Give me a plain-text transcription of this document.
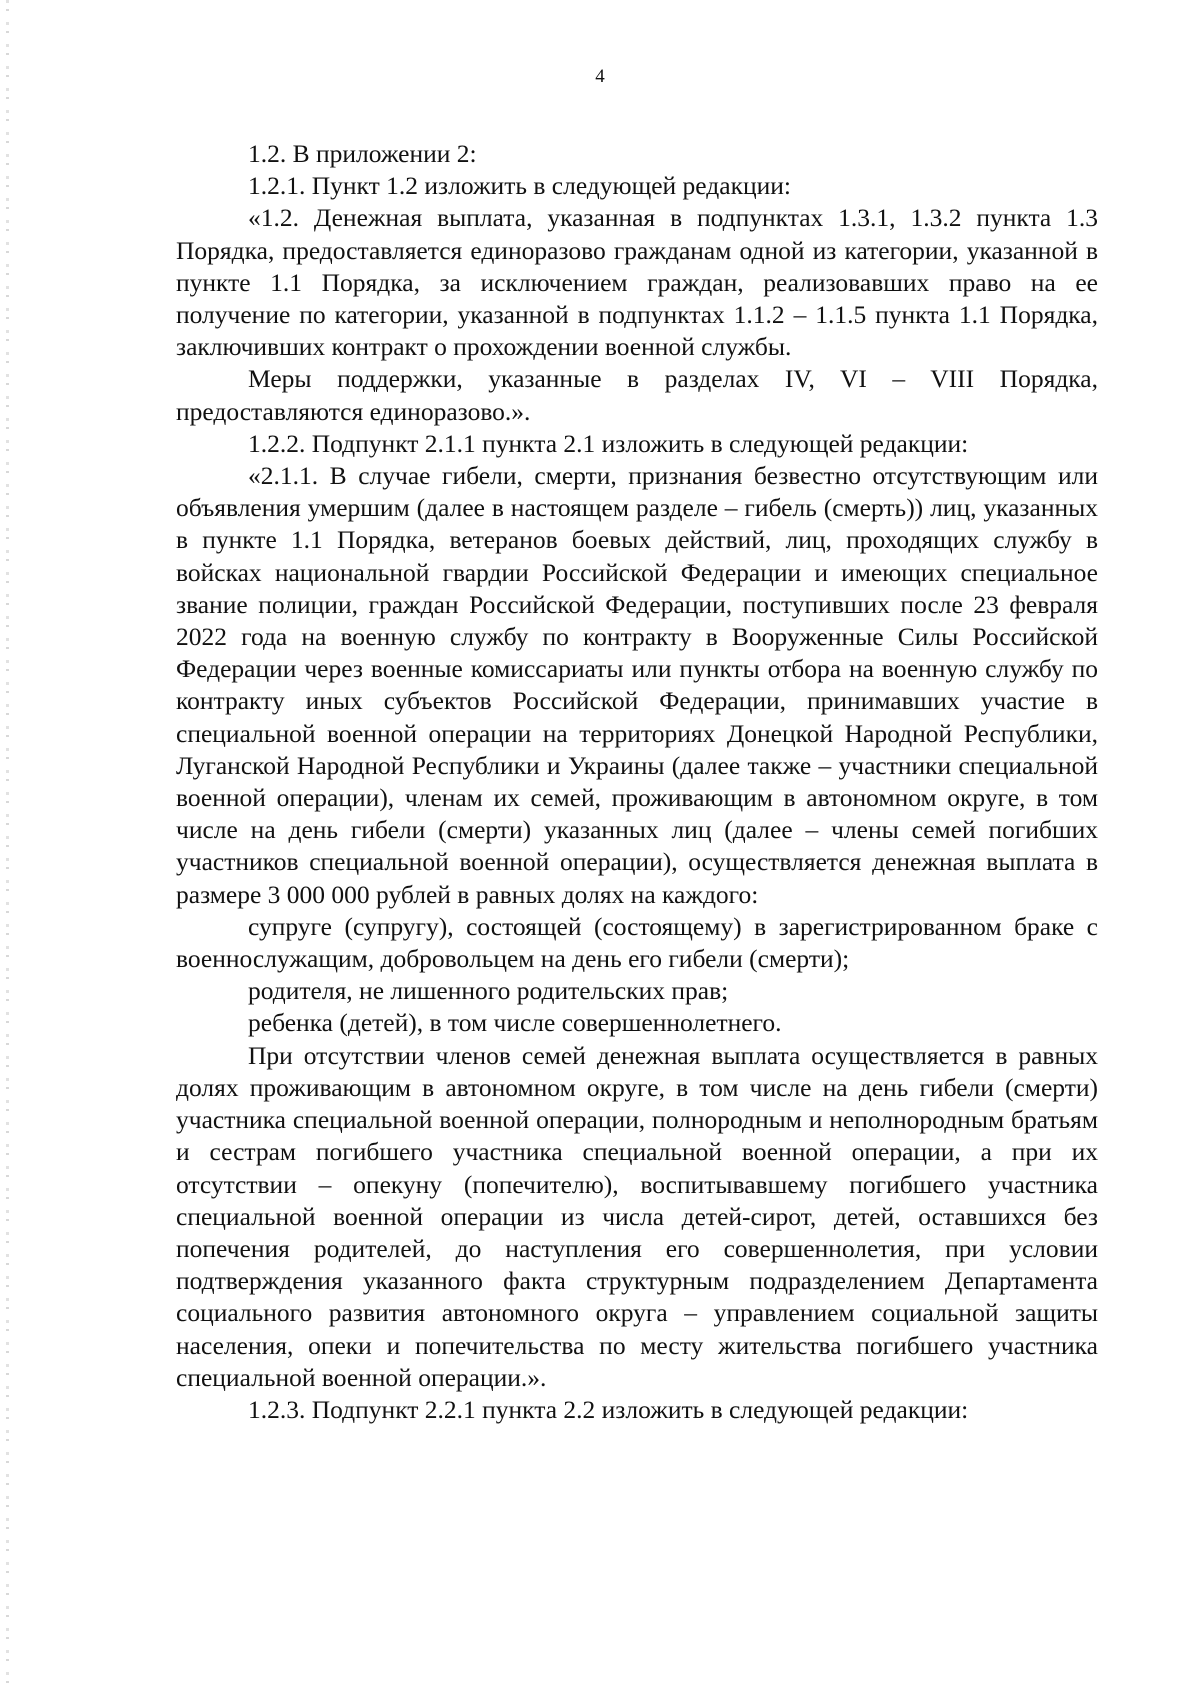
4

1.2. В приложении 2:

1.2.1. Пункт 1.2 изложить в следующей редакции:

«1.2. Денежная выплата, указанная в подпунктах 1.3.1, 1.3.2 пункта 1.3 Порядка, предоставляется единоразово гражданам одной из категории, указанной в пункте 1.1 Порядка, за исключением граждан, реализовавших право на ее получение по категории, указанной в подпунктах 1.1.2 – 1.1.5 пункта 1.1 Порядка, заключивших контракт о прохождении военной службы.

Меры поддержки, указанные в разделах IV, VI – VIII Порядка, предоставляются единоразово.».

1.2.2. Подпункт 2.1.1 пункта 2.1 изложить в следующей редакции:

«2.1.1. В случае гибели, смерти, признания безвестно отсутствующим или объявления умершим (далее в настоящем разделе – гибель (смерть)) лиц, указанных в пункте 1.1 Порядка, ветеранов боевых действий, лиц, проходящих службу в войсках национальной гвардии Российской Федерации и имеющих специальное звание полиции, граждан Российской Федерации, поступивших после 23 февраля 2022 года на военную службу по контракту в Вооруженные Силы Российской Федерации через военные комиссариаты или пункты отбора на военную службу по контракту иных субъектов Российской Федерации, принимавших участие в специальной военной операции на территориях Донецкой Народной Республики, Луганской Народной Республики и Украины (далее также – участники специальной военной операции), членам их семей, проживающим в автономном округе, в том числе на день гибели (смерти) указанных лиц (далее – члены семей погибших участников специальной военной операции), осуществляется денежная выплата в размере 3 000 000 рублей в равных долях на каждого:

супруге (супругу), состоящей (состоящему) в зарегистрированном браке с военнослужащим, добровольцем на день его гибели (смерти);

родителя, не лишенного родительских прав;

ребенка (детей), в том числе совершеннолетнего.

При отсутствии членов семей денежная выплата осуществляется в равных долях проживающим в автономном округе, в том числе на день гибели (смерти) участника специальной военной операции, полнородным и неполнородным братьям и сестрам погибшего участника специальной военной операции, а при их отсутствии – опекуну (попечителю), воспитывавшему погибшего участника специальной военной операции из числа детей-сирот, детей, оставшихся без попечения родителей, до наступления его совершеннолетия, при условии подтверждения указанного факта структурным подразделением Департамента социального развития автономного округа – управлением социальной защиты населения, опеки и попечительства по месту жительства погибшего участника специальной военной операции.».

1.2.3. Подпункт 2.2.1 пункта 2.2 изложить в следующей редакции:
